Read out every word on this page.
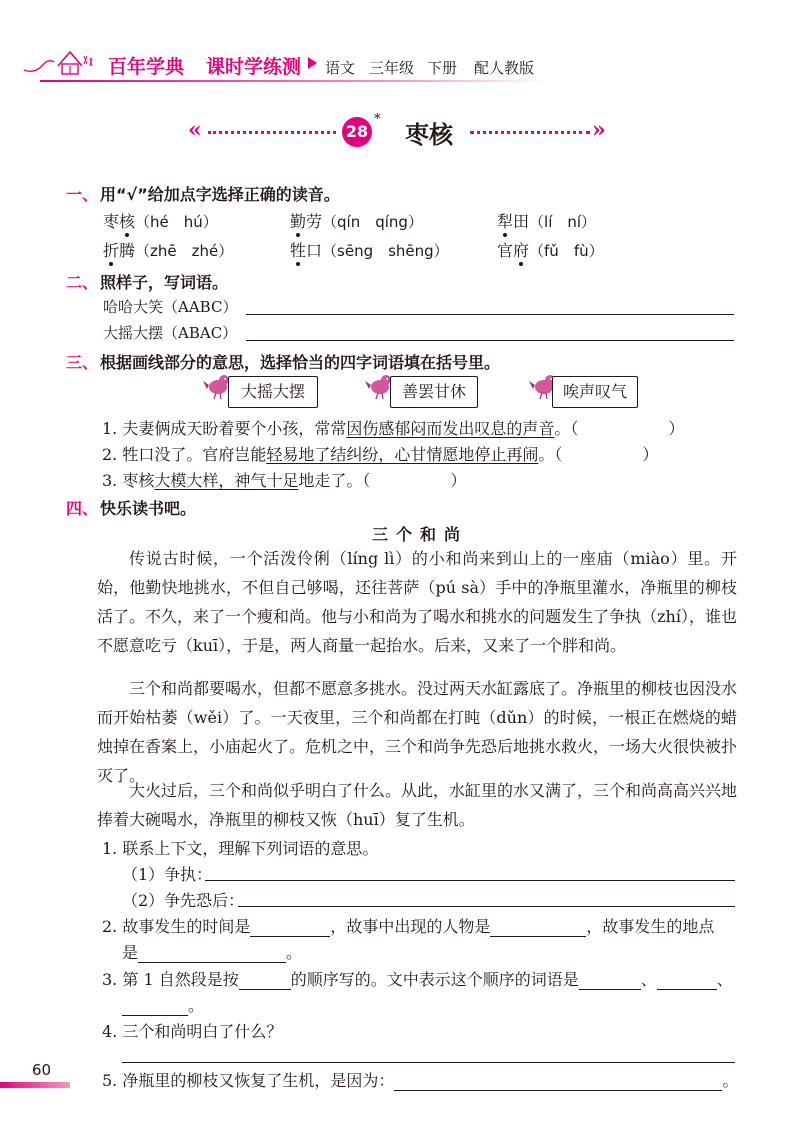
百年学典 课时学练测 语文 三年级 下册 配人教版
«	28
*
枣核	»
一、 用“√”给加点字选择正确的读音。
枣核（hé　hú）	勤劳（qín　qíng）	犁田（lí　ní）
折腾（zhē　zhé）	牲口（sēng　shēng）	官府（fǔ　fù）
二、 照样子，写词语。
哈哈大笑（AABC）
大摇大摆（ABAC）
三、 根据画线部分的意思，选择恰当的四字词语填在括号里。
大摇大摆	善罢甘休	唉声叹气
1. 夫妻俩成天盼着要个小孩，常常因伤感郁闷而发出叹息的声音。（	）
2. 牲口没了。官府岂能轻易地了结纠纷，心甘情愿地停止再闹。（	）
3. 枣核大模大样，神气十足地走了。（	）
四、 快乐读书吧。
三个和尚
传说古时候，一个活泼伶俐（líng lì）的小和尚来到山上的一座庙（miào）里。开始，他勤快地挑水，不但自己够喝，还往菩萨（pú sà）手中的净瓶里灌水，净瓶里的柳枝活了。不久，来了一个瘦和尚。他与小和尚为了喝水和挑水的问题发生了争执（zhí），谁也不愿意吃亏（kuī），于是，两人商量一起抬水。后来，又来了一个胖和尚。
三个和尚都要喝水，但都不愿意多挑水。没过两天水缸露底了。净瓶里的柳枝也因没水而开始枯萎（wěi）了。一天夜里，三个和尚都在打盹（dǔn）的时候，一根正在燃烧的蜡烛掉在香案上，小庙起火了。危机之中，三个和尚争先恐后地挑水救火，一场大火很快被扑灭了。
大火过后，三个和尚似乎明白了什么。从此，水缸里的水又满了，三个和尚高高兴兴地捧着大碗喝水，净瓶里的柳枝又恢（huī）复了生机。
1. 联系上下文，理解下列词语的意思。
（1）争执：
（2）争先恐后：
2. 故事发生的时间是	，故事中出现的人物是	，故事发生的地点
是	。
3. 第 1 自然段是按	的顺序写的。文中表示这个顺序的词语是	、	、
。
4. 三个和尚明白了什么？
5. 净瓶里的柳枝又恢复了生机，是因为：	。
60
